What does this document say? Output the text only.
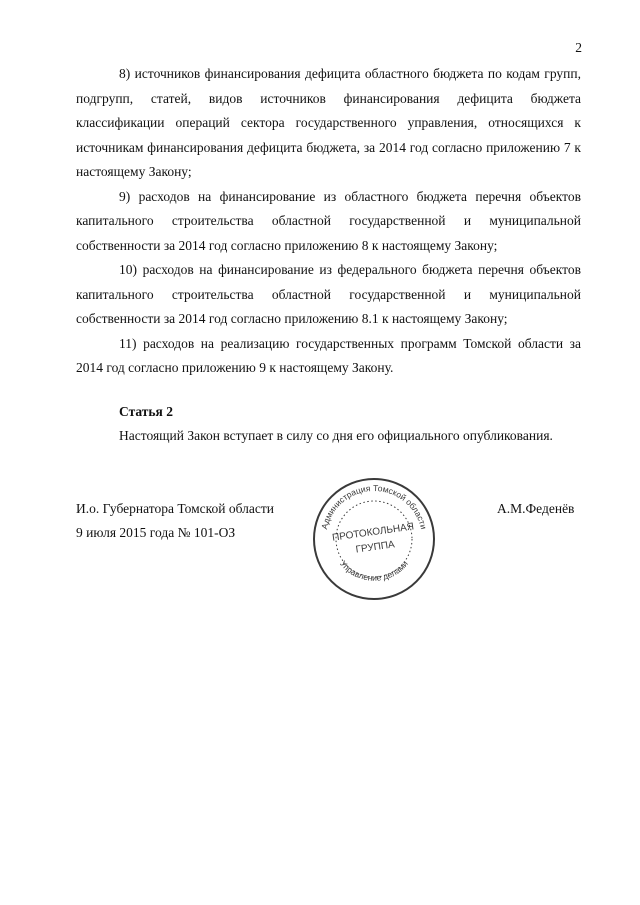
2

8) источников финансирования дефицита областного бюджета по кодам групп, подгрупп, статей, видов источников финансирования дефицита бюджета классификации операций сектора государственного управления, относящихся к источникам финансирования дефицита бюджета, за 2014 год согласно приложению 7 к настоящему Закону;

9) расходов на финансирование из областного бюджета перечня объектов капитального строительства областной государственной и муниципальной собственности за 2014 год согласно приложению 8 к настоящему Закону;

10) расходов на финансирование из федерального бюджета перечня объектов капитального строительства областной государственной и муниципальной собственности за 2014 год согласно приложению 8.1 к настоящему Закону;

11) расходов на реализацию государственных программ Томской области за 2014 год согласно приложению 9 к настоящему Закону.

Статья 2

Настоящий Закон вступает в силу со дня его официального опубликования.

И.о. Губернатора Томской области
9 июля 2015 года № 101-ОЗ
А.М.Феденёв
Администрация Томской области
Управление делами
ПРОТОКОЛЬНАЯ
ГРУППА
